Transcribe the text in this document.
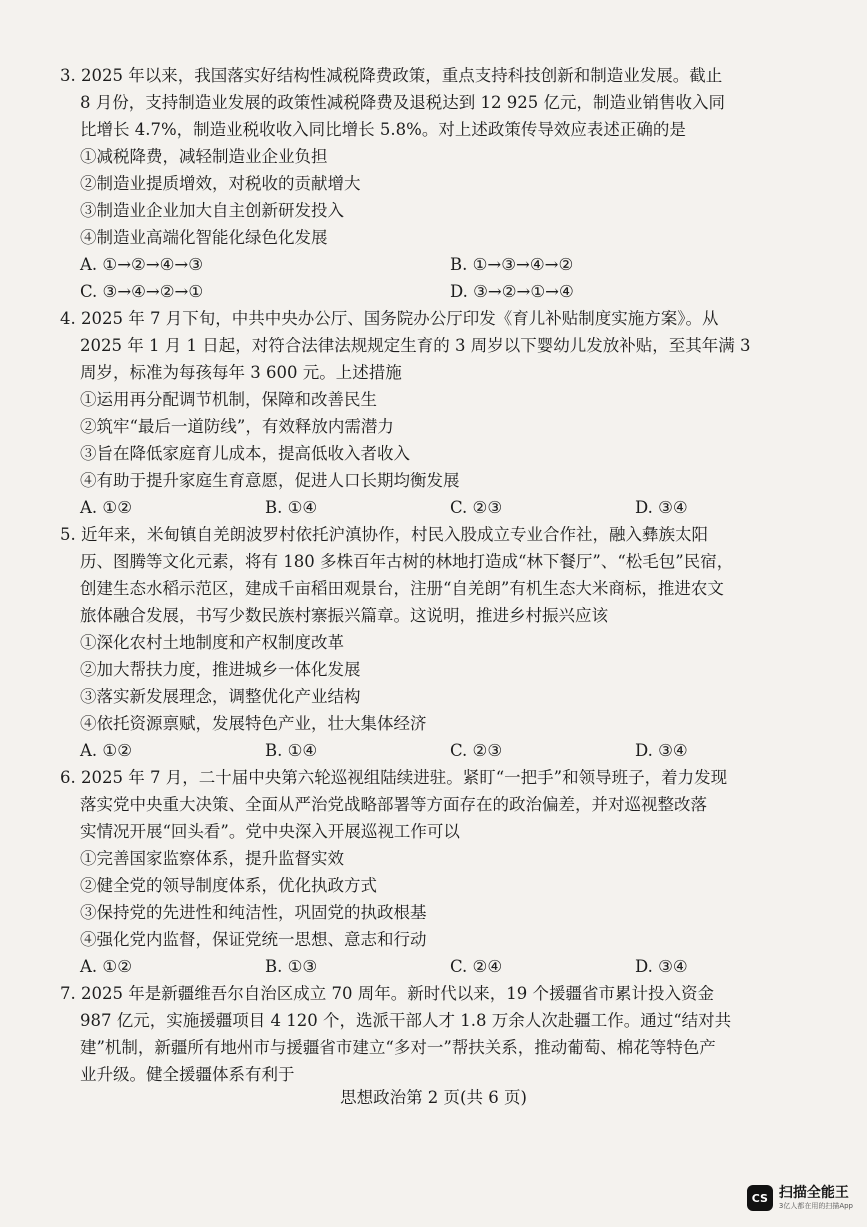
3. 2025 年以来，我国落实好结构性减税降费政策，重点支持科技创新和制造业发展。截止
8 月份，支持制造业发展的政策性减税降费及退税达到 12 925 亿元，制造业销售收入同
比增长 4.7%，制造业税收收入同比增长 5.8%。对上述政策传导效应表述正确的是
①减税降费，减轻制造业企业负担
②制造业提质增效，对税收的贡献增大
③制造业企业加大自主创新研发投入
④制造业高端化智能化绿色化发展
A. ①→②→④→③	B. ①→③→④→②
C. ③→④→②→①	D. ③→②→①→④
4. 2025 年 7 月下旬，中共中央办公厅、国务院办公厅印发《育儿补贴制度实施方案》。从
2025 年 1 月 1 日起，对符合法律法规规定生育的 3 周岁以下婴幼儿发放补贴，至其年满 3
周岁，标准为每孩每年 3 600 元。上述措施
①运用再分配调节机制，保障和改善民生
②筑牢“最后一道防线”，有效释放内需潜力
③旨在降低家庭育儿成本，提高低收入者收入
④有助于提升家庭生育意愿，促进人口长期均衡发展
A. ①②	B. ①④	C. ②③	D. ③④
5. 近年来，米甸镇自羌朗波罗村依托沪滇协作，村民入股成立专业合作社，融入彝族太阳
历、图腾等文化元素，将有 180 多株百年古树的林地打造成“林下餐厅”、“松毛包”民宿，
创建生态水稻示范区，建成千亩稻田观景台，注册“自羌朗”有机生态大米商标，推进农文
旅体融合发展，书写少数民族村寨振兴篇章。这说明，推进乡村振兴应该
①深化农村土地制度和产权制度改革
②加大帮扶力度，推进城乡一体化发展
③落实新发展理念，调整优化产业结构
④依托资源禀赋，发展特色产业，壮大集体经济
A. ①②	B. ①④	C. ②③	D. ③④
6. 2025 年 7 月，二十届中央第六轮巡视组陆续进驻。紧盯“一把手”和领导班子，着力发现
落实党中央重大决策、全面从严治党战略部署等方面存在的政治偏差，并对巡视整改落
实情况开展“回头看”。党中央深入开展巡视工作可以
①完善国家监察体系，提升监督实效
②健全党的领导制度体系，优化执政方式
③保持党的先进性和纯洁性，巩固党的执政根基
④强化党内监督，保证党统一思想、意志和行动
A. ①②	B. ①③	C. ②④	D. ③④
7. 2025 年是新疆维吾尔自治区成立 70 周年。新时代以来，19 个援疆省市累计投入资金
987 亿元，实施援疆项目 4 120 个，选派干部人才 1.8 万余人次赴疆工作。通过“结对共
建”机制，新疆所有地州市与援疆省市建立“多对一”帮扶关系，推动葡萄、棉花等特色产
业升级。健全援疆体系有利于
思想政治第 2 页(共 6 页)
CS 扫描全能王
3亿人都在用的扫描App
